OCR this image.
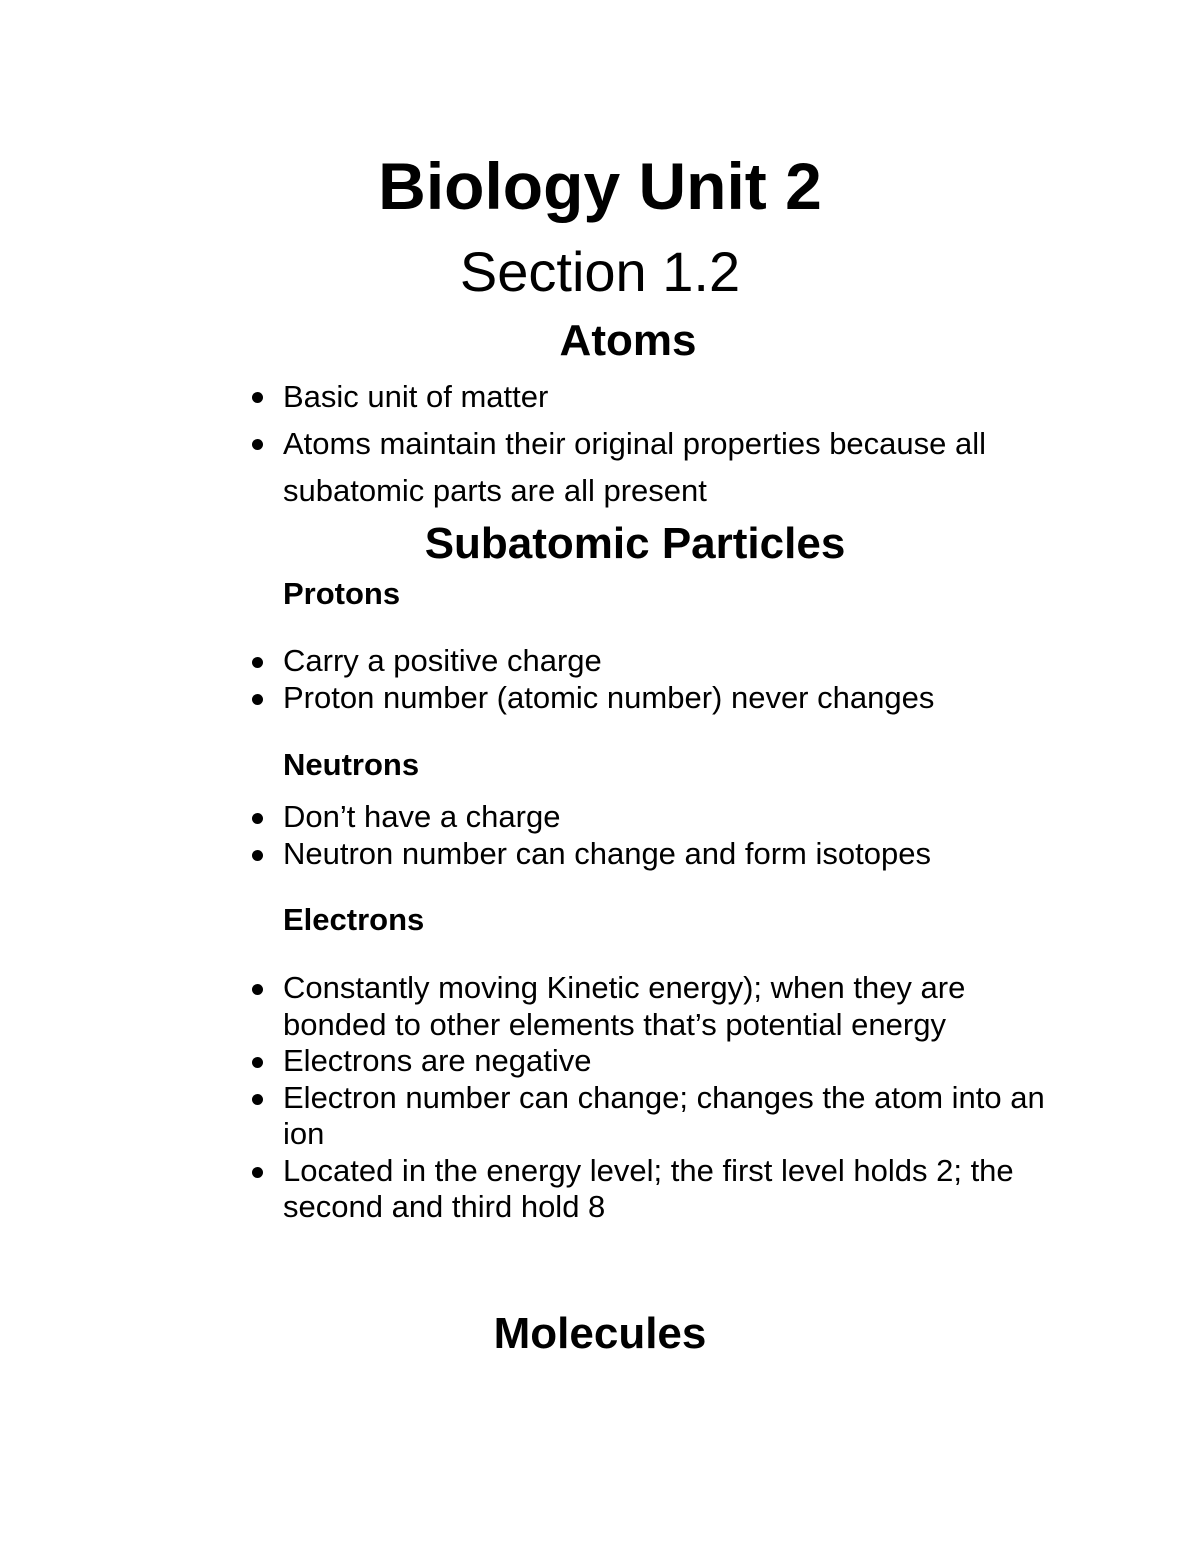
Biology Unit 2
Section 1.2
Atoms
Basic unit of matter
Atoms maintain their original properties because all subatomic parts are all present
Subatomic Particles
Protons
Carry a positive charge
Proton number (atomic number) never changes
Neutrons
Don’t have a charge
Neutron number can change and form isotopes
Electrons
Constantly moving Kinetic energy); when they are bonded to other elements that’s potential energy
Electrons are negative
Electron number can change; changes the atom into an ion
Located in the energy level; the first level holds 2; the second and third hold 8
Molecules
